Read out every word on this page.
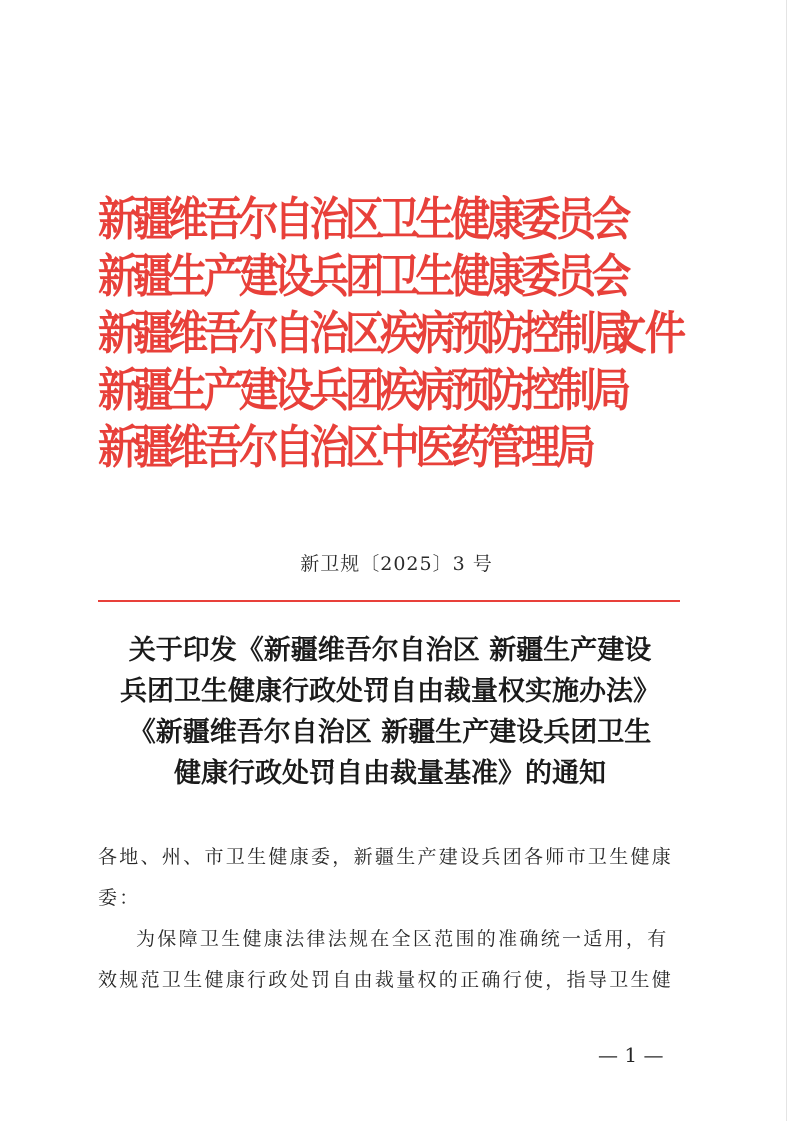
新疆维吾尔自治区卫生健康委员会
新疆生产建设兵团卫生健康委员会
新疆维吾尔自治区疾病预防控制局
新疆生产建设兵团疾病预防控制局
新疆维吾尔自治区中医药管理局
文件
新卫规〔2025〕3 号
关于印发《新疆维吾尔自治区 新疆生产建设
兵团卫生健康行政处罚自由裁量权实施办法》
《新疆维吾尔自治区 新疆生产建设兵团卫生
健康行政处罚自由裁量基准》的通知
各地、州、市卫生健康委，新疆生产建设兵团各师市卫生健康
委：
为保障卫生健康法律法规在全区范围的准确统一适用，有
效规范卫生健康行政处罚自由裁量权的正确行使，指导卫生健
— 1 —
